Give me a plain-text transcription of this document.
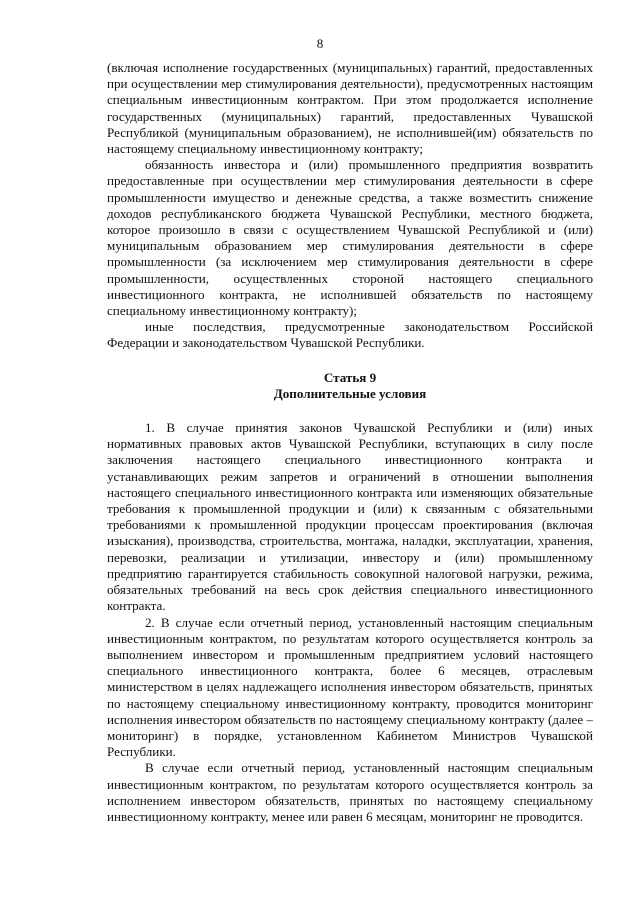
8

(включая исполнение государственных (муниципальных) гарантий, предоставленных при осуществлении мер стимулирования деятельности), предусмотренных настоящим специальным инвестиционным контрактом. При этом продолжается исполнение государственных (муниципальных) гарантий, предоставленных Чувашской Республикой (муниципальным образованием), не исполнившей(им) обязательств по настоящему специальному инвестиционному контракту;

обязанность инвестора и (или) промышленного предприятия возвратить предоставленные при осуществлении мер стимулирования деятельности в сфере промышленности имущество и денежные средства, а также возместить снижение доходов республиканского бюджета Чувашской Республики, местного бюджета, которое произошло в связи с осуществлением Чувашской Республикой и (или) муниципальным образованием мер стимулирования деятельности в сфере промышленности (за исключением мер стимулирования деятельности в сфере промышленности, осуществленных стороной настоящего специального инвестиционного контракта, не исполнившей обязательств по настоящему специальному инвестиционному контракту);

иные последствия, предусмотренные законодательством Российской Федерации и законодательством Чувашской Республики.

Статья 9

Дополнительные условия

1. В случае принятия законов Чувашской Республики и (или) иных нормативных правовых актов Чувашской Республики, вступающих в силу после заключения настоящего специального инвестиционного контракта и устанавливающих режим запретов и ограничений в отношении выполнения настоящего специального инвестиционного контракта или изменяющих обязательные требования к промышленной продукции и (или) к связанным с обязательными требованиями к промышленной продукции процессам проектирования (включая изыскания), производства, строительства, монтажа, наладки, эксплуатации, хранения, перевозки, реализации и утилизации, инвестору и (или) промышленному предприятию гарантируется стабильность совокупной налоговой нагрузки, режима, обязательных требований на весь срок действия специального инвестиционного контракта.

2. В случае если отчетный период, установленный настоящим специальным инвестиционным контрактом, по результатам которого осуществляется контроль за выполнением инвестором и промышленным предприятием условий настоящего специального инвестиционного контракта, более 6 месяцев, отраслевым министерством в целях надлежащего исполнения инвестором обязательств, принятых по настоящему специальному инвестиционному контракту, проводится мониторинг исполнения инвестором обязательств по настоящему специальному контракту (далее – мониторинг) в порядке, установленном Кабинетом Министров Чувашской Республики.

В случае если отчетный период, установленный настоящим специальным инвестиционным контрактом, по результатам которого осуществляется контроль за исполнением инвестором обязательств, принятых по настоящему специальному инвестиционному контракту, менее или равен 6 месяцам, мониторинг не проводится.
